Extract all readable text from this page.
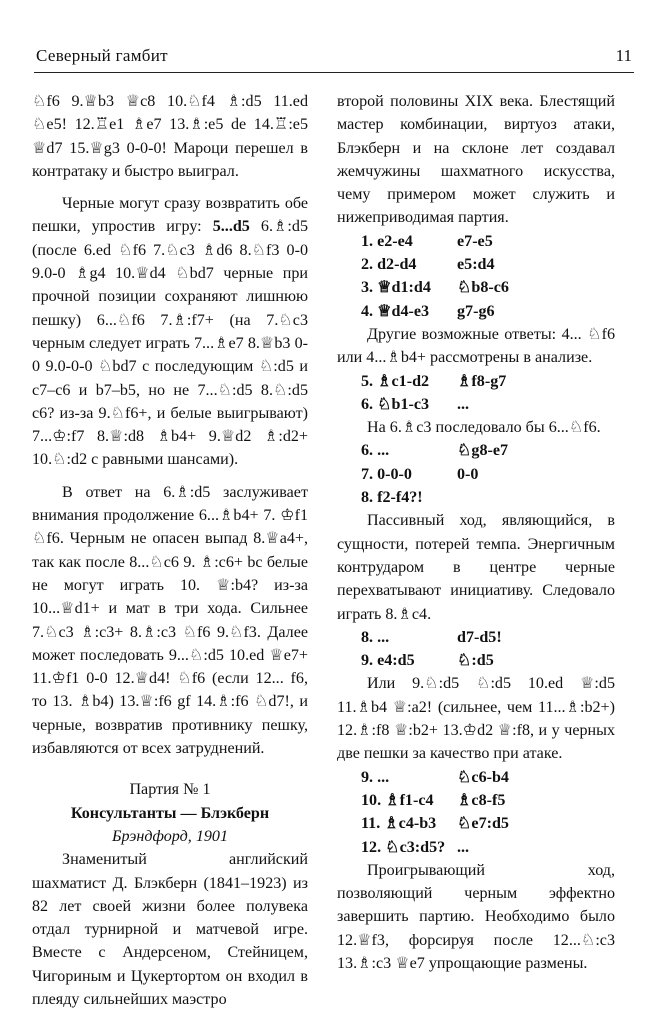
Северный гамбит	11

♘f6 9.♕b3 ♕c8 10.♘f4 ♗:d5 11.ed ♘e5! 12.♖e1 ♗e7 13.♗:e5 de 14.♖:e5 ♕d7 15.♕g3 0-0-0! Мароци перешел в контратаку и быстро выиграл.

Черные могут сразу возвратить обе пешки, упростив игру: 5...d5 6.♗:d5 (после 6.ed ♘f6 7.♘c3 ♗d6 8.♘f3 0-0 9.0-0 ♗g4 10.♕d4 ♘bd7 черные при прочной позиции сохраняют лишнюю пешку) 6...♘f6 7.♗:f7+ (на 7.♘c3 черным следует играть 7...♗e7 8.♕b3 0-0 9.0-0-0 ♘bd7 с последующим ♘:d5 и c7–c6 и b7–b5, но не 7...♘:d5 8.♘:d5 c6? из-за 9.♘f6+, и белые выигрывают) 7...♔:f7 8.♕:d8 ♗b4+ 9.♕d2 ♗:d2+ 10.♘:d2 с равными шансами).

В ответ на 6.♗:d5 заслуживает внимания продолжение 6...♗b4+ 7. ♔f1 ♘f6. Черным не опасен выпад 8.♕a4+, так как после 8...♘c6 9. ♗:c6+ bc белые не могут играть 10. ♕:b4? из-за 10...♕d1+ и мат в три хода. Сильнее 7.♘c3 ♗:c3+ 8.♗:c3 ♘f6 9.♘f3. Далее может последовать 9...♘:d5 10.ed ♕e7+ 11.♔f1 0-0 12.♕d4! ♘f6 (если 12... f6, то 13. ♗b4) 13.♕:f6 gf 14.♗:f6 ♘d7!, и черные, возвратив противнику пешку, избавляются от всех затруднений.

Партия № 1

Консультанты — Блэкберн

Брэндфорд, 1901

Знаменитый английский шахматист Д. Блэкберн (1841–1923) из 82 лет своей жизни более полувека отдал турнирной и матчевой игре. Вместе с Андерсеном, Стейницем, Чигориным и Цукертортом он входил в плеяду сильнейших маэстро

второй половины XIX века. Блестящий мастер комбинации, виртуоз атаки, Блэкберн и на склоне лет создавал жемчужины шахматного искусства, чему примером может служить и нижеприводимая партия.

1. e2-e4	e7-e5

2. d2-d4	e5:d4

3. ♕d1:d4	♘b8-c6

4. ♕d4-e3	g7-g6

Другие возможные ответы: 4... ♘f6 или 4...♗b4+ рассмотрены в анализе.

5. ♗c1-d2	♗f8-g7

6. ♘b1-c3	...

На 6.♗c3 последовало бы 6...♘f6.

6. ...	♘g8-e7

7. 0-0-0	0-0

8. f2-f4?!

Пассивный ход, являющийся, в сущности, потерей темпа. Энергичным контрударом в центре черные перехватывают инициативу. Следовало играть 8.♗c4.

8. ...	d7-d5!

9. e4:d5	♘:d5

Или 9.♘:d5 ♘:d5 10.ed ♕:d5 11.♗b4 ♕:a2! (сильнее, чем 11...♗:b2+) 12.♗:f8 ♕:b2+ 13.♔d2 ♕:f8, и у черных две пешки за качество при атаке.

9. ...	♘c6-b4

10. ♗f1-c4	♗c8-f5

11. ♗c4-b3	♘e7:d5

12. ♘c3:d5? ...

Проигрывающий ход, позволяющий черным эффектно завершить партию. Необходимо было 12.♕f3, форсируя после 12...♘:c3 13.♗:c3 ♕e7 упрощающие размены.
